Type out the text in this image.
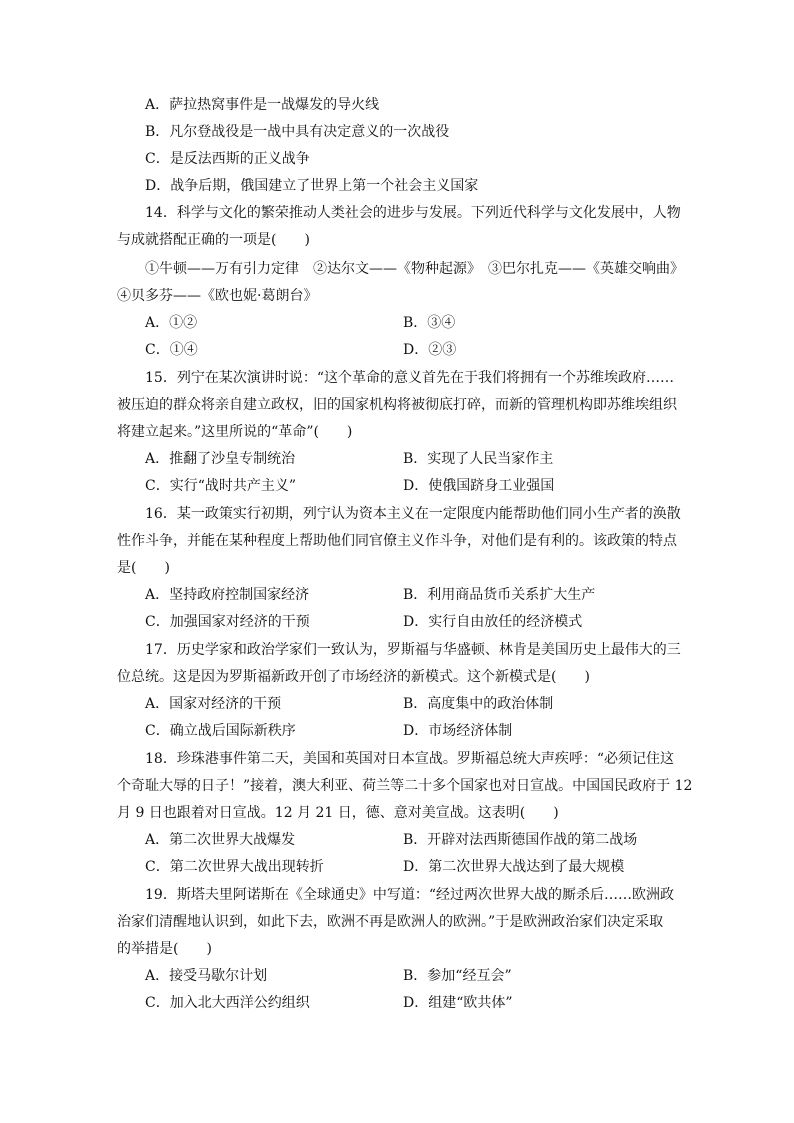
A．萨拉热窝事件是一战爆发的导火线
B．凡尔登战役是一战中具有决定意义的一次战役
C．是反法西斯的正义战争
D．战争后期，俄国建立了世界上第一个社会主义国家
14．科学与文化的繁荣推动人类社会的进步与发展。下列近代科学与文化发展中，人物
与成就搭配正确的一项是(　　)
①牛顿——万有引力定律　②达尔文——《物种起源》　③巴尔扎克——《英雄交响曲》
④贝多芬——《欧也妮·葛朗台》
A．①②	B．③④
C．①④	D．②③
15．列宁在某次演讲时说：“这个革命的意义首先在于我们将拥有一个苏维埃政府……
被压迫的群众将亲自建立政权，旧的国家机构将被彻底打碎，而新的管理机构即苏维埃组织
将建立起来。”这里所说的“革命”(　　)
A．推翻了沙皇专制统治	B．实现了人民当家作主
C．实行“战时共产主义”	D．使俄国跻身工业强国
16．某一政策实行初期，列宁认为资本主义在一定限度内能帮助他们同小生产者的涣散
性作斗争，并能在某种程度上帮助他们同官僚主义作斗争，对他们是有利的。该政策的特点
是(　　)
A．坚持政府控制国家经济	B．利用商品货币关系扩大生产
C．加强国家对经济的干预	D．实行自由放任的经济模式
17．历史学家和政治学家们一致认为，罗斯福与华盛顿、林肯是美国历史上最伟大的三
位总统。这是因为罗斯福新政开创了市场经济的新模式。这个新模式是(　　)
A．国家对经济的干预	B．高度集中的政治体制
C．确立战后国际新秩序	D．市场经济体制
18．珍珠港事件第二天，美国和英国对日本宣战。罗斯福总统大声疾呼：“必须记住这
个奇耻大辱的日子！”接着，澳大利亚、荷兰等二十多个国家也对日宣战。中国国民政府于 12
月 9 日也跟着对日宣战。12 月 21 日，德、意对美宣战。这表明(　　)
A．第二次世界大战爆发	B．开辟对法西斯德国作战的第二战场
C．第二次世界大战出现转折	D．第二次世界大战达到了最大规模
19．斯塔夫里阿诺斯在《全球通史》中写道：“经过两次世界大战的厮杀后……欧洲政
治家们清醒地认识到，如此下去，欧洲不再是欧洲人的欧洲。”于是欧洲政治家们决定采取
的举措是(　　)
A．接受马歇尔计划	B．参加“经互会”
C．加入北大西洋公约组织	D．组建“欧共体”
